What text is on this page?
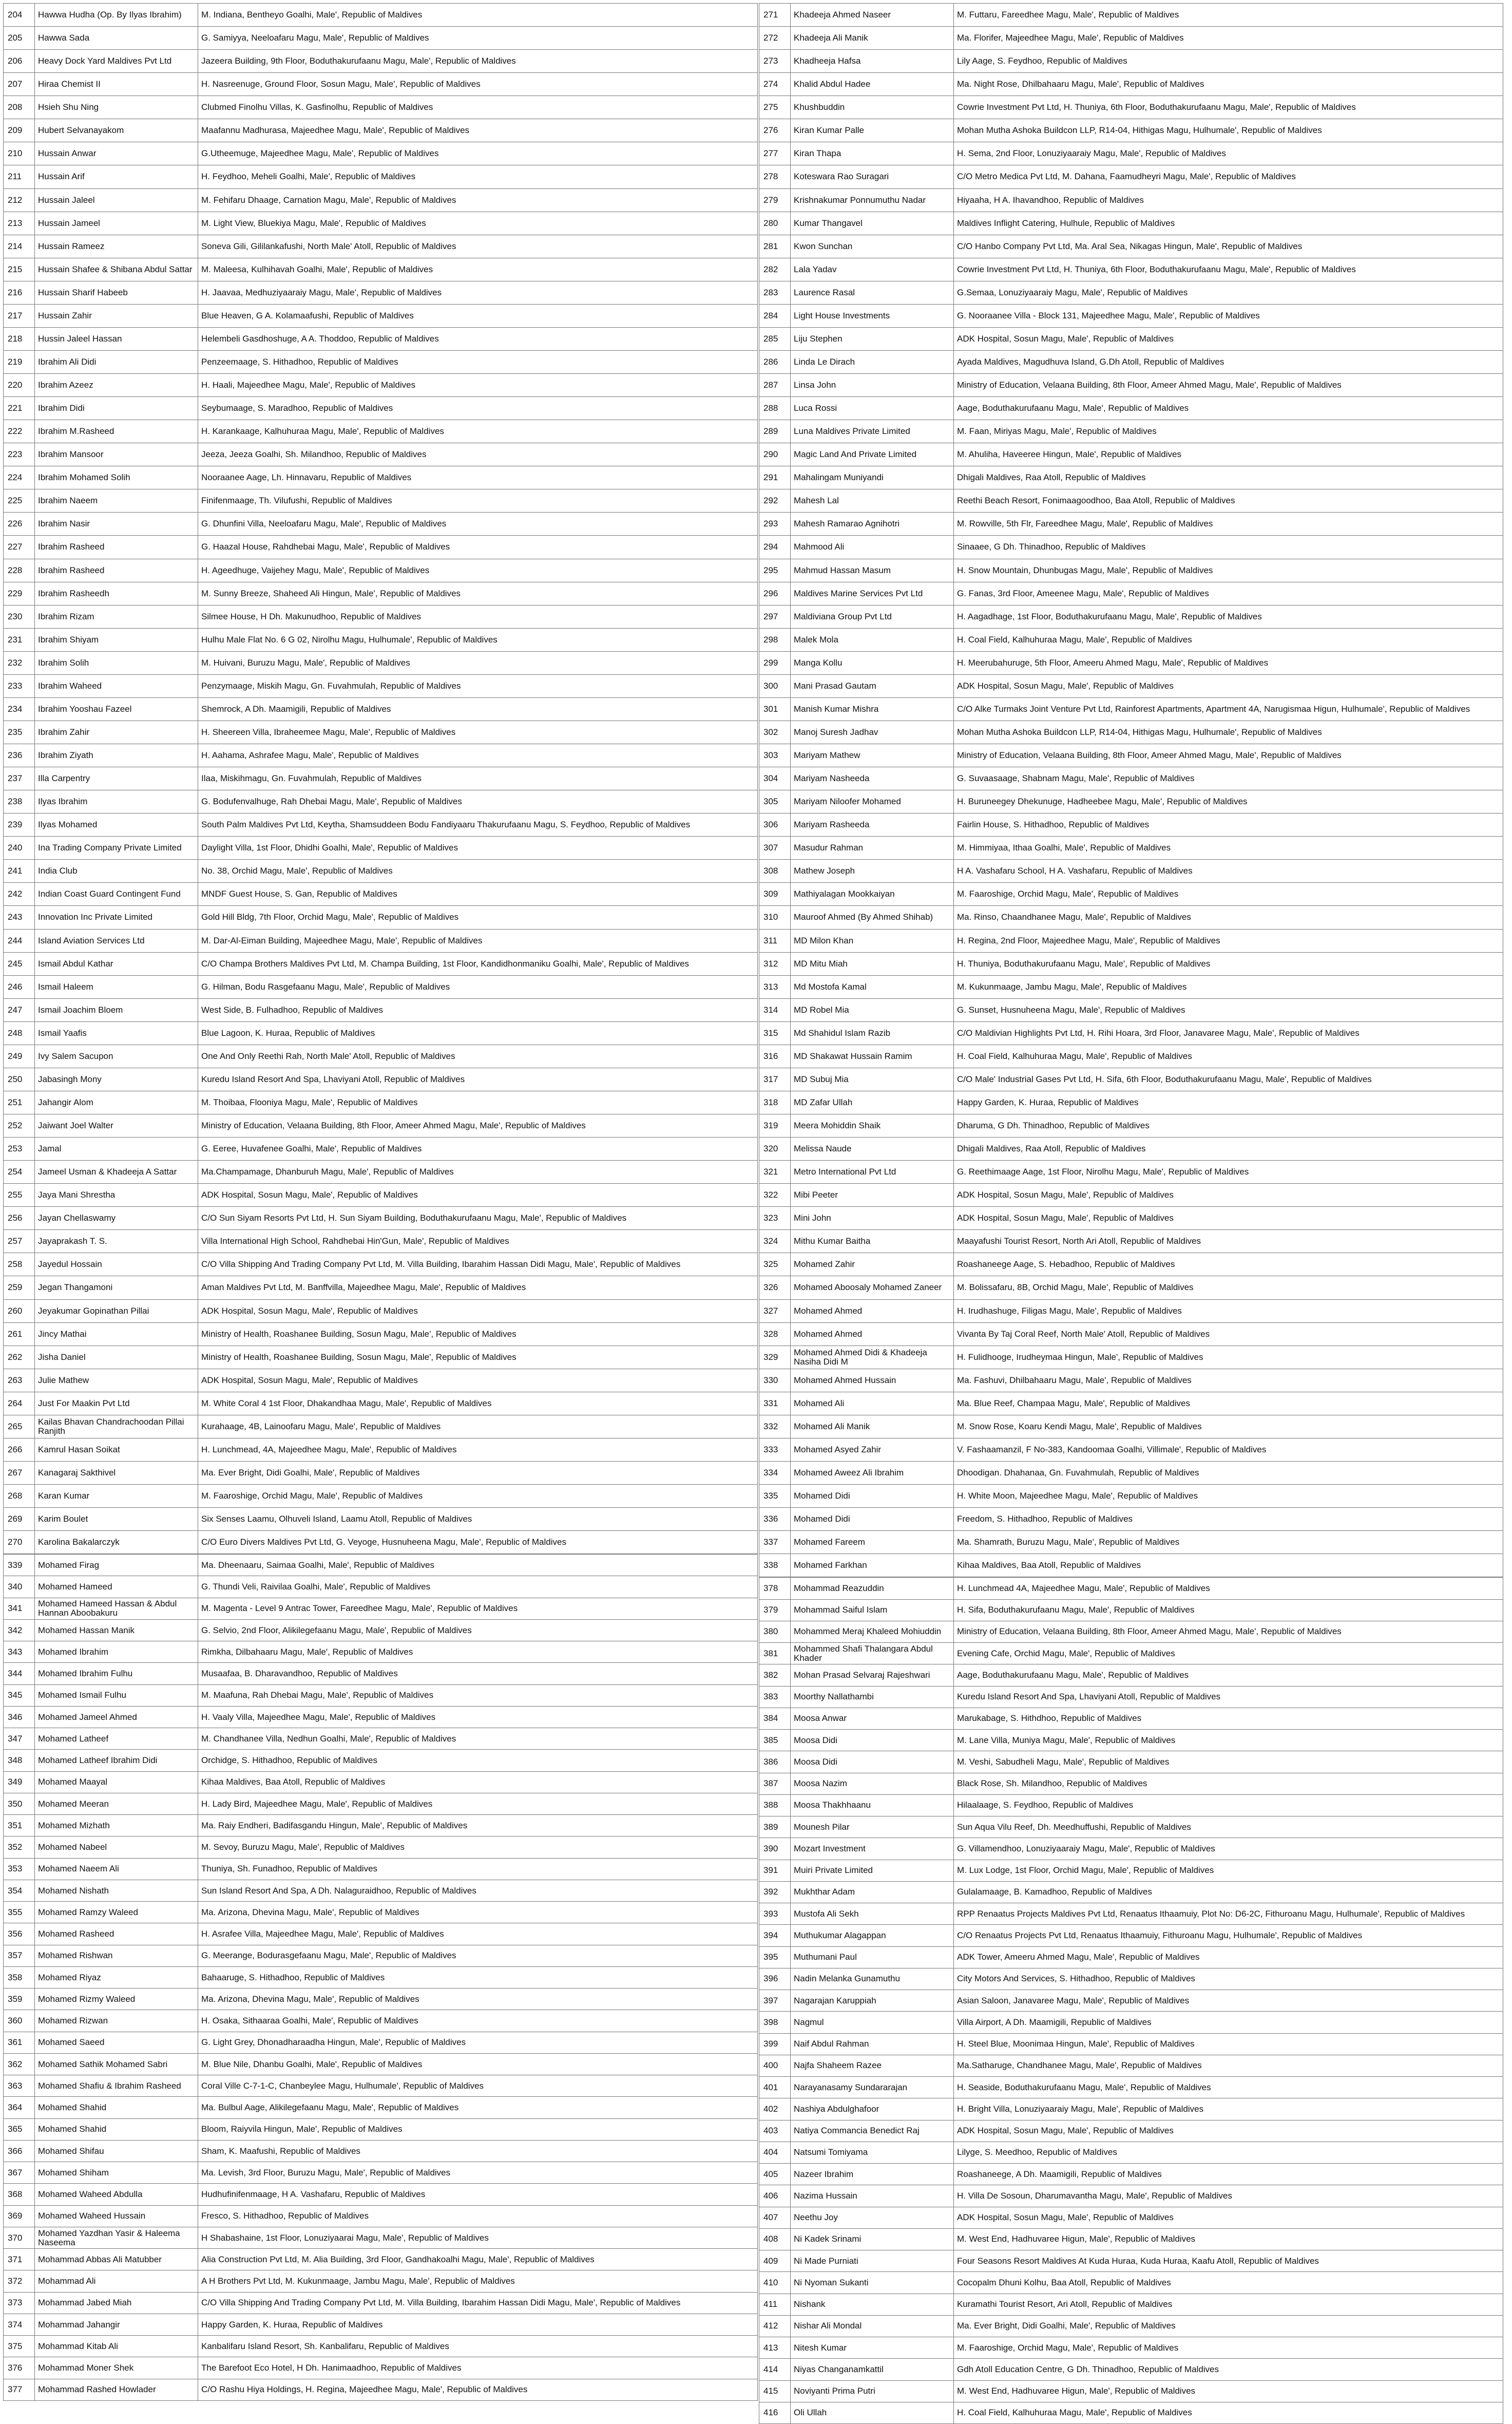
204	Hawwa Hudha (Op. By Ilyas Ibrahim)	M. Indiana, Bentheyo Goalhi, Male', Republic of Maldives
205	Hawwa Sada	G. Samiyya, Neeloafaru Magu, Male', Republic of Maldives
206	Heavy Dock Yard Maldives Pvt Ltd	Jazeera Building, 9th Floor, Boduthakurufaanu Magu, Male', Republic of Maldives
207	Hiraa Chemist II	H. Nasreenuge, Ground Floor, Sosun Magu, Male', Republic of Maldives
208	Hsieh Shu Ning	Clubmed Finolhu Villas, K. Gasfinolhu, Republic of Maldives
209	Hubert Selvanayakom	Maafannu Madhurasa, Majeedhee Magu, Male', Republic of Maldives
210	Hussain Anwar	G.Utheemuge, Majeedhee Magu, Male', Republic of Maldives
211	Hussain Arif	H. Feydhoo, Meheli Goalhi, Male', Republic of Maldives
212	Hussain Jaleel	M. Fehifaru Dhaage, Carnation Magu, Male', Republic of Maldives
213	Hussain Jameel	M. Light View, Bluekiya Magu, Male', Republic of Maldives
214	Hussain Rameez	Soneva Gili, Gililankafushi, North Male' Atoll, Republic of Maldives
215	Hussain Shafee & Shibana Abdul Sattar	M. Maleesa, Kulhihavah Goalhi, Male', Republic of Maldives
216	Hussain Sharif Habeeb	H. Jaavaa, Medhuziyaaraiy Magu, Male', Republic of Maldives
217	Hussain Zahir	Blue Heaven, G A. Kolamaafushi, Republic of Maldives
218	Hussin Jaleel Hassan	Helembeli Gasdhoshuge, A A. Thoddoo, Republic of Maldives
219	Ibrahim Ali Didi	Penzeemaage, S. Hithadhoo, Republic of Maldives
220	Ibrahim Azeez	H. Haali, Majeedhee Magu, Male', Republic of Maldives
221	Ibrahim Didi	Seybumaage, S. Maradhoo, Republic of Maldives
222	Ibrahim M.Rasheed	H. Karankaage, Kalhuhuraa Magu, Male', Republic of Maldives
223	Ibrahim Mansoor	Jeeza, Jeeza Goalhi, Sh. Milandhoo, Republic of Maldives
224	Ibrahim Mohamed Solih	Nooraanee Aage, Lh. Hinnavaru, Republic of Maldives
225	Ibrahim Naeem	Finifenmaage, Th. Vilufushi, Republic of Maldives
226	Ibrahim Nasir	G. Dhunfini Villa, Neeloafaru Magu, Male', Republic of Maldives
227	Ibrahim Rasheed	G. Haazal House, Rahdhebai Magu, Male', Republic of Maldives
228	Ibrahim Rasheed	H. Ageedhuge, Vaijehey Magu, Male', Republic of Maldives
229	Ibrahim Rasheedh	M. Sunny Breeze, Shaheed Ali Hingun, Male', Republic of Maldives
230	Ibrahim Rizam	Silmee House, H Dh. Makunudhoo, Republic of Maldives
231	Ibrahim Shiyam	Hulhu Male Flat No. 6 G 02, Nirolhu Magu, Hulhumale', Republic of Maldives
232	Ibrahim Solih	M. Huivani, Buruzu Magu, Male', Republic of Maldives
233	Ibrahim Waheed	Penzymaage, Miskih Magu, Gn. Fuvahmulah, Republic of Maldives
234	Ibrahim Yooshau Fazeel	Shemrock, A Dh. Maamigili, Republic of Maldives
235	Ibrahim Zahir	H. Sheereen Villa, Ibraheemee Magu, Male', Republic of Maldives
236	Ibrahim Ziyath	H. Aahama, Ashrafee Magu, Male', Republic of Maldives
237	Illa Carpentry	Ilaa, Miskihmagu, Gn. Fuvahmulah, Republic of Maldives
238	Ilyas Ibrahim	G. Bodufenvalhuge, Rah Dhebai Magu, Male', Republic of Maldives
239	Ilyas Mohamed	South Palm Maldives Pvt Ltd, Keytha, Shamsuddeen Bodu Fandiyaaru Thakurufaanu Magu, S. Feydhoo, Republic of Maldives
240	Ina Trading Company Private Limited	Daylight Villa, 1st Floor, Dhidhi Goalhi, Male', Republic of Maldives
241	India Club	No. 38, Orchid Magu, Male', Republic of Maldives
242	Indian Coast Guard Contingent Fund	MNDF Guest House, S. Gan, Republic of Maldives
243	Innovation Inc Private Limited	Gold Hill Bldg, 7th Floor, Orchid Magu, Male', Republic of Maldives
244	Island Aviation Services Ltd	M. Dar-Al-Eiman Building, Majeedhee Magu, Male', Republic of Maldives
245	Ismail Abdul Kathar	C/O Champa Brothers Maldives Pvt Ltd, M. Champa Building, 1st Floor, Kandidhonmaniku Goalhi, Male', Republic of Maldives
246	Ismail Haleem	G. Hilman, Bodu Rasgefaanu Magu, Male', Republic of Maldives
247	Ismail Joachim Bloem	West Side, B. Fulhadhoo, Republic of Maldives
248	Ismail Yaafis	Blue Lagoon, K. Huraa, Republic of Maldives
249	Ivy Salem Sacupon	One And Only Reethi Rah, North Male' Atoll, Republic of Maldives
250	Jabasingh Mony	Kuredu Island Resort And Spa, Lhaviyani Atoll, Republic of Maldives
251	Jahangir Alom	M. Thoibaa, Flooniya Magu, Male', Republic of Maldives
252	Jaiwant Joel Walter	Ministry of Education, Velaana Building, 8th Floor, Ameer Ahmed Magu, Male', Republic of Maldives
253	Jamal	G. Eeree, Huvafenee Goalhi, Male', Republic of Maldives
254	Jameel Usman & Khadeeja A Sattar	Ma.Champamage, Dhanburuh Magu, Male', Republic of Maldives
255	Jaya Mani Shrestha	ADK Hospital, Sosun Magu, Male', Republic of Maldives
256	Jayan Chellaswamy	C/O Sun Siyam Resorts Pvt Ltd, H. Sun Siyam Building, Boduthakurufaanu Magu, Male', Republic of Maldives
257	Jayaprakash T. S.	Villa International High School, Rahdhebai Hin'Gun, Male', Republic of Maldives
258	Jayedul Hossain	C/O Villa Shipping And Trading Company Pvt Ltd, M. Villa Building, Ibarahim Hassan Didi Magu, Male', Republic of Maldives
259	Jegan Thangamoni	Aman Maldives Pvt Ltd, M. Banffvilla, Majeedhee Magu, Male', Republic of Maldives
260	Jeyakumar Gopinathan Pillai	ADK Hospital, Sosun Magu, Male', Republic of Maldives
261	Jincy Mathai	Ministry of Health, Roashanee Building, Sosun Magu, Male', Republic of Maldives
262	Jisha Daniel	Ministry of Health, Roashanee Building, Sosun Magu, Male', Republic of Maldives
263	Julie Mathew	ADK Hospital, Sosun Magu, Male', Republic of Maldives
264	Just For Maakin Pvt Ltd	M. White Coral 4 1st Floor, Dhakandhaa Magu, Male', Republic of Maldives
265	Kailas Bhavan Chandrachoodan Pillai Ranjith	Kurahaage, 4B, Lainoofaru Magu, Male', Republic of Maldives
266	Kamrul Hasan Soikat	H. Lunchmead, 4A, Majeedhee Magu, Male', Republic of Maldives
267	Kanagaraj Sakthivel	Ma. Ever Bright, Didi Goalhi, Male', Republic of Maldives
268	Karan Kumar	M. Faaroshige, Orchid Magu, Male', Republic of Maldives
269	Karim Boulet	Six Senses Laamu, Olhuveli Island, Laamu Atoll, Republic of Maldives
270	Karolina Bakalarczyk	C/O Euro Divers Maldives Pvt Ltd, G. Veyoge, Husnuheena Magu, Male', Republic of Maldives
339	Mohamed Firag	Ma. Dheenaaru, Saimaa Goalhi, Male', Republic of Maldives
340	Mohamed Hameed	G. Thundi Veli, Raivilaa Goalhi, Male', Republic of Maldives
341	Mohamed Hameed Hassan & Abdul Hannan Aboobakuru	M. Magenta - Level 9 Antrac Tower, Fareedhee Magu, Male', Republic of Maldives
342	Mohamed Hassan Manik	G. Selvio, 2nd Floor, Alikilegefaanu Magu, Male', Republic of Maldives
343	Mohamed Ibrahim	Rimkha, Dilbahaaru Magu, Male', Republic of Maldives
344	Mohamed Ibrahim Fulhu	Musaafaa, B. Dharavandhoo, Republic of Maldives
345	Mohamed Ismail Fulhu	M. Maafuna, Rah Dhebai Magu, Male', Republic of Maldives
346	Mohamed Jameel Ahmed	H. Vaaly Villa, Majeedhee Magu, Male', Republic of Maldives
347	Mohamed Latheef	M. Chandhanee Villa, Nedhun Goalhi, Male', Republic of Maldives
348	Mohamed Latheef Ibrahim Didi	Orchidge, S. Hithadhoo, Republic of Maldives
349	Mohamed Maayal	Kihaa Maldives, Baa Atoll, Republic of Maldives
350	Mohamed Meeran	H. Lady Bird, Majeedhee Magu, Male', Republic of Maldives
351	Mohamed Mizhath	Ma. Raiy Endheri, Badifasgandu Hingun, Male', Republic of Maldives
352	Mohamed Nabeel	M. Sevoy, Buruzu Magu, Male', Republic of Maldives
353	Mohamed Naeem Ali	Thuniya, Sh. Funadhoo, Republic of Maldives
354	Mohamed Nishath	Sun Island Resort And Spa, A Dh. Nalaguraidhoo, Republic of Maldives
355	Mohamed Ramzy Waleed	Ma. Arizona, Dhevina Magu, Male', Republic of Maldives
356	Mohamed Rasheed	H. Asrafee Villa, Majeedhee Magu, Male', Republic of Maldives
357	Mohamed Rishwan	G. Meerange, Bodurasgefaanu Magu, Male', Republic of Maldives
358	Mohamed Riyaz	Bahaaruge, S. Hithadhoo, Republic of Maldives
359	Mohamed Rizmy Waleed	Ma. Arizona, Dhevina Magu, Male', Republic of Maldives
360	Mohamed Rizwan	H. Osaka, Sithaaraa Goalhi, Male', Republic of Maldives
361	Mohamed Saeed	G. Light Grey, Dhonadharaadha Hingun, Male', Republic of Maldives
362	Mohamed Sathik Mohamed Sabri	M. Blue Nile, Dhanbu Goalhi, Male', Republic of Maldives
363	Mohamed Shafiu & Ibrahim Rasheed	Coral Ville C-7-1-C, Chanbeylee Magu, Hulhumale', Republic of Maldives
364	Mohamed Shahid	Ma. Bulbul Aage, Alikilegefaanu Magu, Male', Republic of Maldives
365	Mohamed Shahid	Bloom, Raiyvila Hingun, Male', Republic of Maldives
366	Mohamed Shifau	Sham, K. Maafushi, Republic of Maldives
367	Mohamed Shiham	Ma. Levish, 3rd Floor, Buruzu Magu, Male', Republic of Maldives
368	Mohamed Waheed Abdulla	Hudhufinifenmaage, H A. Vashafaru, Republic of Maldives
369	Mohamed Waheed Hussain	Fresco, S. Hithadhoo, Republic of Maldives
370	Mohamed Yazdhan Yasir & Haleema Naseema	H Shabashaine, 1st Floor, Lonuziyaarai Magu, Male', Republic of Maldives
371	Mohammad Abbas Ali Matubber	Alia Construction Pvt Ltd, M. Alia Building, 3rd Floor, Gandhakoalhi Magu, Male', Republic of Maldives
372	Mohammad Ali	A H Brothers Pvt Ltd, M. Kukunmaage, Jambu Magu, Male', Republic of Maldives
373	Mohammad Jabed Miah	C/O Villa Shipping And Trading Company Pvt Ltd, M. Villa Building, Ibarahim Hassan Didi Magu, Male', Republic of Maldives
374	Mohammad Jahangir	Happy Garden, K. Huraa, Republic of Maldives
375	Mohammad Kitab Ali	Kanbalifaru Island Resort, Sh. Kanbalifaru, Republic of Maldives
376	Mohammad Moner Shek	The Barefoot Eco Hotel, H Dh. Hanimaadhoo, Republic of Maldives
377	Mohammad Rashed Howlader	C/O Rashu Hiya Holdings, H. Regina, Majeedhee Magu, Male', Republic of Maldives
271	Khadeeja Ahmed Naseer	M. Futtaru, Fareedhee Magu, Male', Republic of Maldives
272	Khadeeja Ali Manik	Ma. Florifer, Majeedhee Magu, Male', Republic of Maldives
273	Khadheeja Hafsa	Lily Aage, S. Feydhoo, Republic of Maldives
274	Khalid Abdul Hadee	Ma. Night Rose, Dhilbahaaru Magu, Male', Republic of Maldives
275	Khushbuddin	Cowrie Investment Pvt Ltd, H. Thuniya, 6th Floor, Boduthakurufaanu Magu, Male', Republic of Maldives
276	Kiran Kumar Palle	Mohan Mutha Ashoka Buildcon LLP, R14-04, Hithigas Magu, Hulhumale', Republic of Maldives
277	Kiran Thapa	H. Sema, 2nd Floor, Lonuziyaaraiy Magu, Male', Republic of Maldives
278	Koteswara Rao Suragari	C/O Metro Medica Pvt Ltd, M. Dahana, Faamudheyri Magu, Male', Republic of Maldives
279	Krishnakumar Ponnumuthu Nadar	Hiyaaha, H A. Ihavandhoo, Republic of Maldives
280	Kumar Thangavel	Maldives Inflight Catering, Hulhule, Republic of Maldives
281	Kwon Sunchan	C/O Hanbo Company Pvt Ltd, Ma. Aral Sea, Nikagas Hingun, Male', Republic of Maldives
282	Lala Yadav	Cowrie Investment Pvt Ltd, H. Thuniya, 6th Floor, Boduthakurufaanu Magu, Male', Republic of Maldives
283	Laurence Rasal	G.Semaa, Lonuziyaaraiy Magu, Male', Republic of Maldives
284	Light House Investments	G. Nooraanee Villa - Block 131, Majeedhee Magu, Male', Republic of Maldives
285	Liju Stephen	ADK Hospital, Sosun Magu, Male', Republic of Maldives
286	Linda Le Dirach	Ayada Maldives, Magudhuva Island, G.Dh Atoll, Republic of Maldives
287	Linsa John	Ministry of Education, Velaana Building, 8th Floor, Ameer Ahmed Magu, Male', Republic of Maldives
288	Luca Rossi	Aage, Boduthakurufaanu Magu, Male', Republic of Maldives
289	Luna Maldives Private Limited	M. Faan, Miriyas Magu, Male', Republic of Maldives
290	Magic Land And Private Limited	M. Ahuliha, Haveeree Hingun, Male', Republic of Maldives
291	Mahalingam Muniyandi	Dhigali Maldives, Raa Atoll, Republic of Maldives
292	Mahesh Lal	Reethi Beach Resort, Fonimaagoodhoo, Baa Atoll, Republic of Maldives
293	Mahesh Ramarao Agnihotri	M. Rowville, 5th Flr, Fareedhee Magu, Male', Republic of Maldives
294	Mahmood Ali	Sinaaee, G Dh. Thinadhoo, Republic of Maldives
295	Mahmud Hassan Masum	H. Snow Mountain, Dhunbugas Magu, Male', Republic of Maldives
296	Maldives Marine Services Pvt Ltd	G. Fanas, 3rd Floor, Ameenee Magu, Male', Republic of Maldives
297	Maldiviana Group Pvt Ltd	H. Aagadhage, 1st Floor, Boduthakurufaanu Magu, Male', Republic of Maldives
298	Malek Mola	H. Coal Field, Kalhuhuraa Magu, Male', Republic of Maldives
299	Manga Kollu	H. Meerubahuruge, 5th Floor, Ameeru Ahmed Magu, Male', Republic of Maldives
300	Mani Prasad Gautam	ADK Hospital, Sosun Magu, Male', Republic of Maldives
301	Manish Kumar Mishra	C/O Alke Turmaks Joint Venture Pvt Ltd, Rainforest Apartments, Apartment 4A, Narugismaa Higun, Hulhumale', Republic of Maldives
302	Manoj Suresh Jadhav	Mohan Mutha Ashoka Buildcon LLP, R14-04, Hithigas Magu, Hulhumale', Republic of Maldives
303	Mariyam Mathew	Ministry of Education, Velaana Building, 8th Floor, Ameer Ahmed Magu, Male', Republic of Maldives
304	Mariyam Nasheeda	G. Suvaasaage, Shabnam Magu, Male', Republic of Maldives
305	Mariyam Niloofer Mohamed	H. Buruneegey Dhekunuge, Hadheebee Magu, Male', Republic of Maldives
306	Mariyam Rasheeda	Fairlin House, S. Hithadhoo, Republic of Maldives
307	Masudur Rahman	M. Himmiyaa, Ithaa Goalhi, Male', Republic of Maldives
308	Mathew Joseph	H A. Vashafaru School, H A. Vashafaru, Republic of Maldives
309	Mathiyalagan Mookkaiyan	M. Faaroshige, Orchid Magu, Male', Republic of Maldives
310	Mauroof Ahmed (By Ahmed Shihab)	Ma. Rinso, Chaandhanee Magu, Male', Republic of Maldives
311	MD Milon Khan	H. Regina, 2nd Floor, Majeedhee Magu, Male', Republic of Maldives
312	MD Mitu Miah	H. Thuniya, Boduthakurufaanu Magu, Male', Republic of Maldives
313	Md Mostofa Kamal	M. Kukunmaage, Jambu Magu, Male', Republic of Maldives
314	MD Robel Mia	G. Sunset, Husnuheena Magu, Male', Republic of Maldives
315	Md Shahidul Islam Razib	C/O Maldivian Highlights Pvt Ltd, H. Rihi Hoara, 3rd Floor, Janavaree Magu, Male', Republic of Maldives
316	MD Shakawat Hussain Ramim	H. Coal Field, Kalhuhuraa Magu, Male', Republic of Maldives
317	MD Subuj Mia	C/O Male' Industrial Gases Pvt Ltd, H. Sifa, 6th Floor, Boduthakurufaanu Magu, Male', Republic of Maldives
318	MD Zafar Ullah	Happy Garden, K. Huraa, Republic of Maldives
319	Meera Mohiddin Shaik	Dharuma, G Dh. Thinadhoo, Republic of Maldives
320	Melissa Naude	Dhigali Maldives, Raa Atoll, Republic of Maldives
321	Metro International Pvt Ltd	G. Reethimaage Aage, 1st Floor, Nirolhu Magu, Male', Republic of Maldives
322	Mibi Peeter	ADK Hospital, Sosun Magu, Male', Republic of Maldives
323	Mini John	ADK Hospital, Sosun Magu, Male', Republic of Maldives
324	Mithu Kumar Baitha	Maayafushi Tourist Resort, North Ari Atoll, Republic of Maldives
325	Mohamed Zahir	Roashaneege Aage, S. Hebadhoo, Republic of Maldives
326	Mohamed Aboosaly Mohamed Zaneer	M. Bolissafaru, 8B, Orchid Magu, Male', Republic of Maldives
327	Mohamed Ahmed	H. Irudhashuge, Filigas Magu, Male', Republic of Maldives
328	Mohamed Ahmed	Vivanta By Taj Coral Reef, North Male' Atoll, Republic of Maldives
329	Mohamed Ahmed Didi & Khadeeja Nasiha Didi M	H. Fulidhooge, Irudheymaa Hingun, Male', Republic of Maldives
330	Mohamed Ahmed Hussain	Ma. Fashuvi, Dhilbahaaru Magu, Male', Republic of Maldives
331	Mohamed Ali	Ma. Blue Reef, Champaa Magu, Male', Republic of Maldives
332	Mohamed Ali Manik	M. Snow Rose, Koaru Kendi Magu, Male', Republic of Maldives
333	Mohamed Asyed Zahir	V. Fashaamanzil, F No-383, Kandoomaa Goalhi, Villimale', Republic of Maldives
334	Mohamed Aweez Ali Ibrahim	Dhoodigan. Dhahanaa, Gn. Fuvahmulah, Republic of Maldives
335	Mohamed Didi	H. White Moon, Majeedhee Magu, Male', Republic of Maldives
336	Mohamed Didi	Freedom, S. Hithadhoo, Republic of Maldives
337	Mohamed Fareem	Ma. Shamrath, Buruzu Magu, Male', Republic of Maldives
338	Mohamed Farkhan	Kihaa Maldives, Baa Atoll, Republic of Maldives
378	Mohammad Reazuddin	H. Lunchmead 4A, Majeedhee Magu, Male', Republic of Maldives
379	Mohammad Saiful Islam	H. Sifa, Boduthakurufaanu Magu, Male', Republic of Maldives
380	Mohammed Meraj Khaleed Mohiuddin	Ministry of Education, Velaana Building, 8th Floor, Ameer Ahmed Magu, Male', Republic of Maldives
381	Mohammed Shafi Thalangara Abdul Khader	Evening Cafe, Orchid Magu, Male', Republic of Maldives
382	Mohan Prasad Selvaraj Rajeshwari	Aage, Boduthakurufaanu Magu, Male', Republic of Maldives
383	Moorthy Nallathambi	Kuredu Island Resort And Spa, Lhaviyani Atoll, Republic of Maldives
384	Moosa Anwar	Marukabage, S. Hithdhoo, Republic of Maldives
385	Moosa Didi	M. Lane Villa, Muniya Magu, Male', Republic of Maldives
386	Moosa Didi	M. Veshi, Sabudheli Magu, Male', Republic of Maldives
387	Moosa Nazim	Black Rose, Sh. Milandhoo, Republic of Maldives
388	Moosa Thakhhaanu	Hilaalaage, S. Feydhoo, Republic of Maldives
389	Mounesh Pilar	Sun Aqua Vilu Reef, Dh. Meedhuffushi, Republic of Maldives
390	Mozart Investment	G. Villamendhoo, Lonuziyaaraiy Magu, Male', Republic of Maldives
391	Muiri Private Limited	M. Lux Lodge, 1st Floor, Orchid Magu, Male', Republic of Maldives
392	Mukhthar Adam	Gulalamaage, B. Kamadhoo, Republic of Maldives
393	Mustofa Ali Sekh	RPP Renaatus Projects Maldives Pvt Ltd, Renaatus Ithaamuiy, Plot No: D6-2C, Fithuroanu Magu, Hulhumale', Republic of Maldives
394	Muthukumar Alagappan	C/O Renaatus Projects Pvt Ltd, Renaatus Ithaamuiy, Fithuroanu Magu, Hulhumale', Republic of Maldives
395	Muthumani Paul	ADK Tower, Ameeru Ahmed Magu, Male', Republic of Maldives
396	Nadin Melanka Gunamuthu	City Motors And Services, S. Hithadhoo, Republic of Maldives
397	Nagarajan Karuppiah	Asian Saloon, Janavaree Magu, Male', Republic of Maldives
398	Nagmul	Villa Airport, A Dh. Maamigili, Republic of Maldives
399	Naif Abdul Rahman	H. Steel Blue, Moonimaa Hingun, Male', Republic of Maldives
400	Najfa Shaheem Razee	Ma.Satharuge, Chandhanee Magu, Male', Republic of Maldives
401	Narayanasamy Sundararajan	H. Seaside, Boduthakurufaanu Magu, Male', Republic of Maldives
402	Nashiya Abdulghafoor	H. Bright Villa, Lonuziyaaraiy Magu, Male', Republic of Maldives
403	Natiya Commancia Benedict Raj	ADK Hospital, Sosun Magu, Male', Republic of Maldives
404	Natsumi Tomiyama	Lilyge, S. Meedhoo, Republic of Maldives
405	Nazeer Ibrahim	Roashaneege, A Dh. Maamigili, Republic of Maldives
406	Nazima Hussain	H. Villa De Sosoun, Dharumavantha Magu, Male', Republic of Maldives
407	Neethu Joy	ADK Hospital, Sosun Magu, Male', Republic of Maldives
408	Ni Kadek Srinami	M. West End, Hadhuvaree Higun, Male', Republic of Maldives
409	Ni Made Purniati	Four Seasons Resort Maldives At Kuda Huraa, Kuda Huraa, Kaafu Atoll, Republic of Maldives
410	Ni Nyoman Sukanti	Cocopalm Dhuni Kolhu, Baa Atoll, Republic of Maldives
411	Nishank	Kuramathi Tourist Resort, Ari Atoll, Republic of Maldives
412	Nishar Ali Mondal	Ma. Ever Bright, Didi Goalhi, Male', Republic of Maldives
413	Nitesh Kumar	M. Faaroshige, Orchid Magu, Male', Republic of Maldives
414	Niyas Changanamkattil	Gdh Atoll Education Centre, G Dh. Thinadhoo, Republic of Maldives
415	Noviyanti Prima Putri	M. West End, Hadhuvaree Higun, Male', Republic of Maldives
416	Oli Ullah	H. Coal Field, Kalhuhuraa Magu, Male', Republic of Maldives
